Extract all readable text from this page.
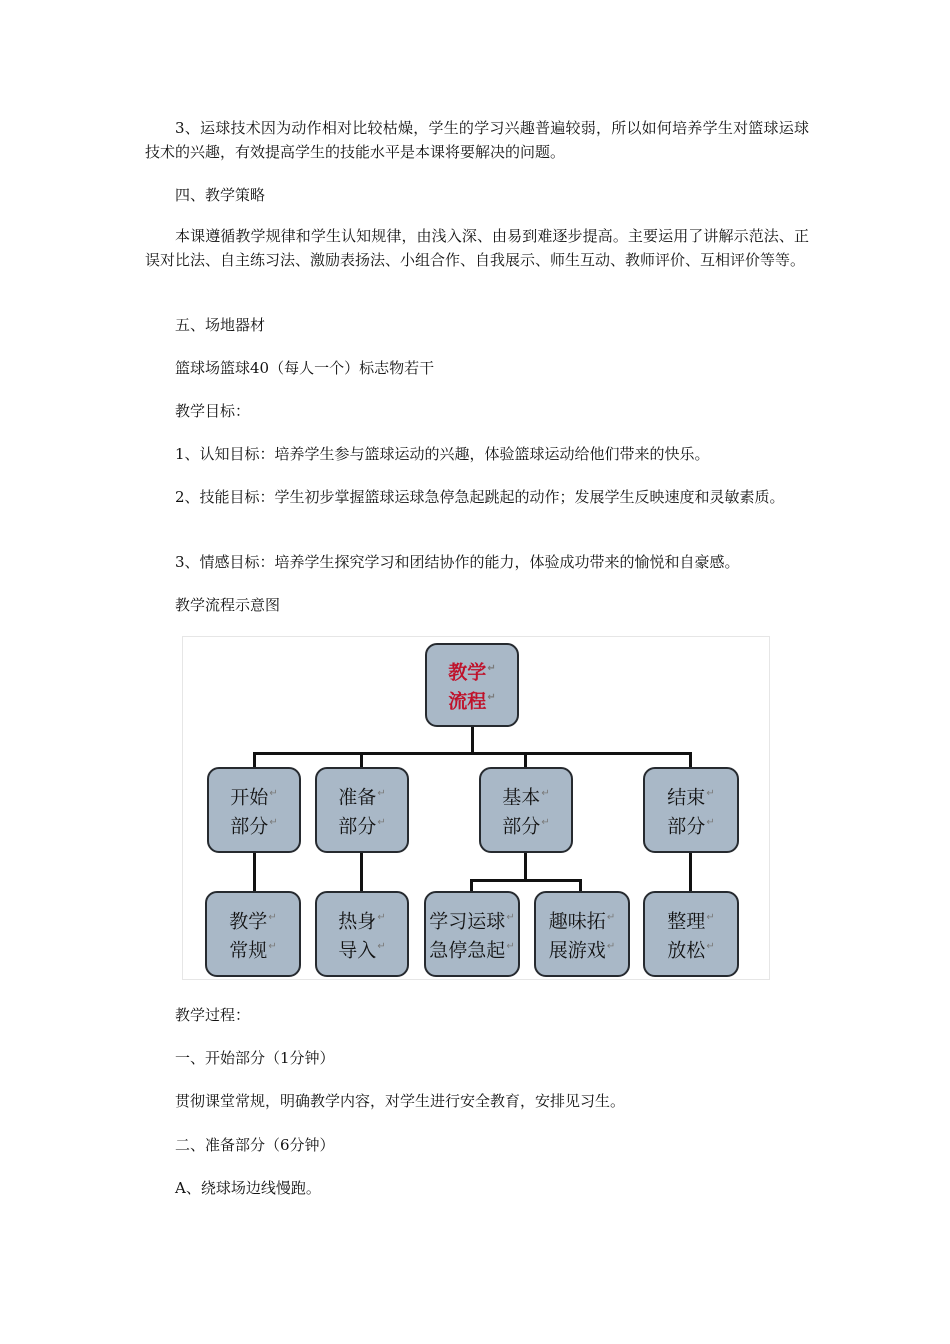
3、运球技术因为动作相对比较枯燥，学生的学习兴趣普遍较弱，所以如何培养学生对篮球运球技术的兴趣，有效提高学生的技能水平是本课将要解决的问题。

四、教学策略

本课遵循教学规律和学生认知规律，由浅入深、由易到难逐步提高。主要运用了讲解示范法、正误对比法、自主练习法、激励表扬法、小组合作、自我展示、师生互动、教师评价、互相评价等等。

五、场地器材

篮球场篮球40（每人一个）标志物若干

教学目标：

1、认知目标：培养学生参与篮球运动的兴趣，体验篮球运动给他们带来的快乐。

2、技能目标：学生初步掌握篮球运球急停急起跳起的动作；发展学生反映速度和灵敏素质。

3、情感目标：培养学生探究学习和团结协作的能力，体验成功带来的愉悦和自豪感。

教学流程示意图

教学 ↵
流程 ↵
开始 ↵
部分 ↵
准备 ↵
部分 ↵
基本 ↵
部分 ↵
结束 ↵
部分 ↵
教学 ↵
常规 ↵
热身 ↵
导入 ↵
学习运球 ↵
急停急起 ↵
趣味拓 ↵
展游戏 ↵
整理 ↵
放松 ↵

教学过程：

一、开始部分（1分钟）

贯彻课堂常规，明确教学内容，对学生进行安全教育，安排见习生。

二、准备部分（6分钟）

A、绕球场边线慢跑。
